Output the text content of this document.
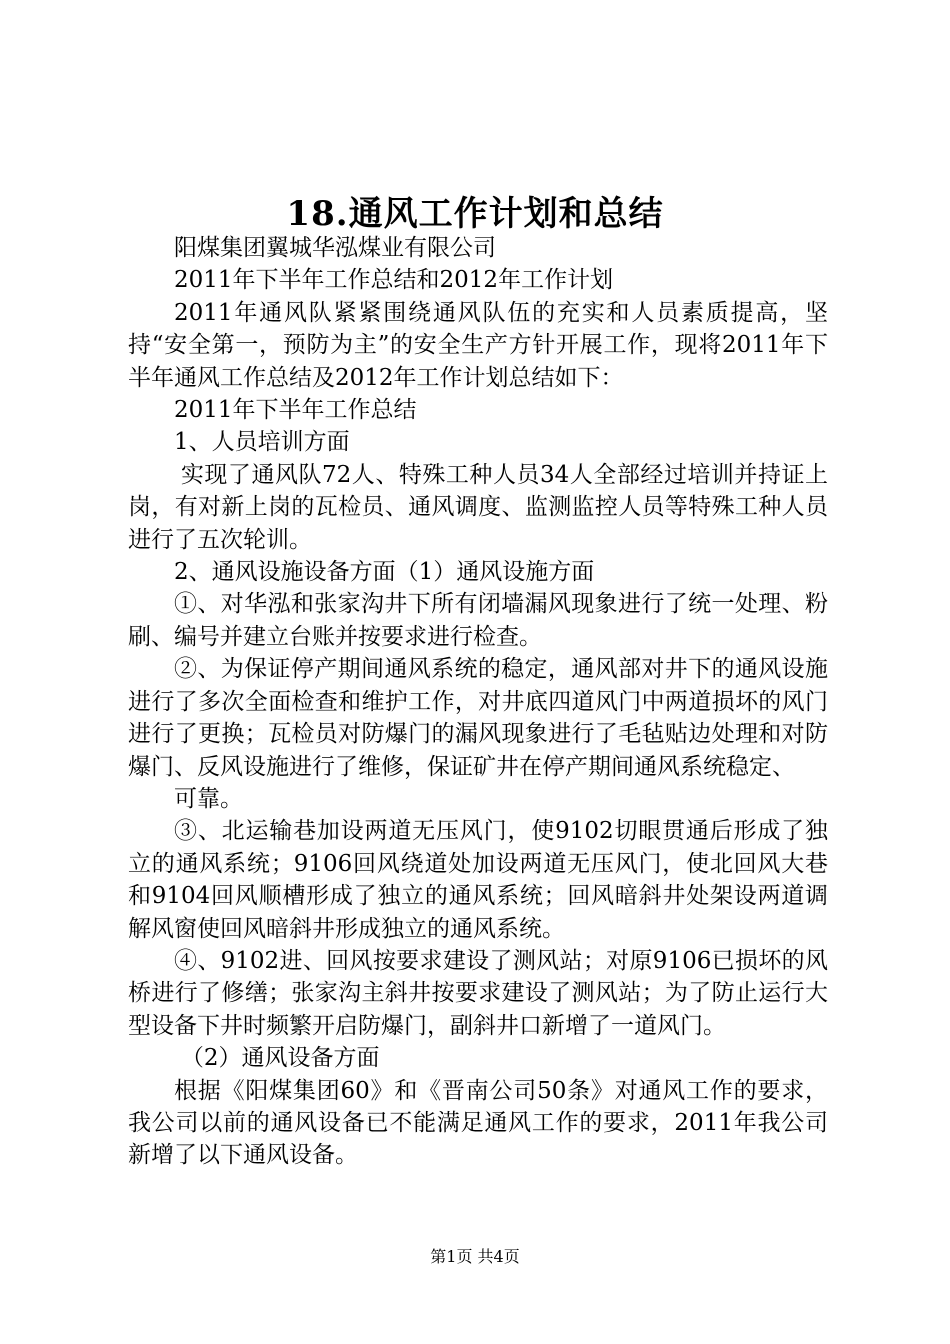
18.通风工作计划和总结

阳煤集团翼城华泓煤业有限公司

2011年下半年工作总结和2012年工作计划

2011年通风队紧紧围绕通风队伍的充实和人员素质提高，坚持“安全第一，预防为主”的安全生产方针开展工作，现将2011年下半年通风工作总结及2012年工作计划总结如下：

2011年下半年工作总结

1、人员培训方面

实现了通风队72人、特殊工种人员34人全部经过培训并持证上岗，有对新上岗的瓦检员、通风调度、监测监控人员等特殊工种人员进行了五次轮训。

2、通风设施设备方面（1）通风设施方面

①、对华泓和张家沟井下所有闭墙漏风现象进行了统一处理、粉刷、编号并建立台账并按要求进行检查。

②、为保证停产期间通风系统的稳定，通风部对井下的通风设施进行了多次全面检查和维护工作，对井底四道风门中两道损坏的风门进行了更换；瓦检员对防爆门的漏风现象进行了毛毡贴边处理和对防爆门、反风设施进行了维修，保证矿井在停产期间通风系统稳定、

可靠。

③、北运输巷加设两道无压风门，使9102切眼贯通后形成了独立的通风系统；9106回风绕道处加设两道无压风门，使北回风大巷和9104回风顺槽形成了独立的通风系统；回风暗斜井处架设两道调解风窗使回风暗斜井形成独立的通风系统。

④、9102进、回风按要求建设了测风站；对原9106已损坏的风桥进行了修缮；张家沟主斜井按要求建设了测风站；为了防止运行大型设备下井时频繁开启防爆门，副斜井口新增了一道风门。

（2）通风设备方面

根据《阳煤集团60》和《晋南公司50条》对通风工作的要求，我公司以前的通风设备已不能满足通风工作的要求，2011年我公司新增了以下通风设备。

第1页 共4页
